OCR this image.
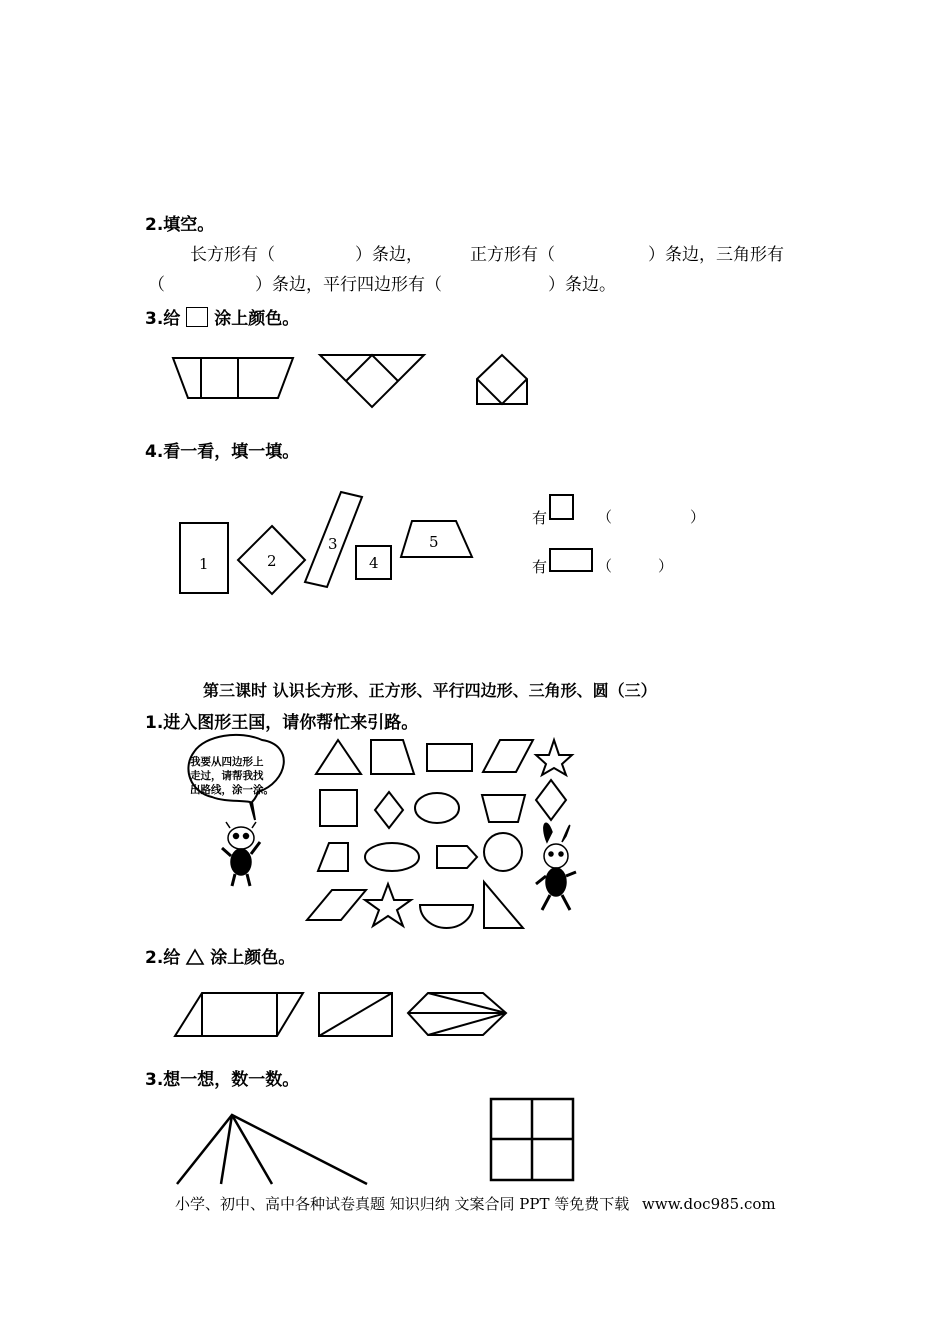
2.填空。
长方形有（	）条边，	正方形有（	）条边，三角形有
（	）条边，平行四边形有（	）条边。
3.给 涂上颜色。
4.看一看，填一填。
1	2
3
4
5
有	（	）
有	（	）
第三课时 认识长方形、正方形、平行四边形、三角形、圆（三）
1.进入图形王国，请你帮忙来引路。
我要从四边形上
走过，请帮我找
出路线，涂一涂。
2.给 涂上颜色。
3.想一想，数一数。
小学、初中、高中各种试卷真题 知识归纳 文案合同 PPT 等免费下载 www.doc985.com
